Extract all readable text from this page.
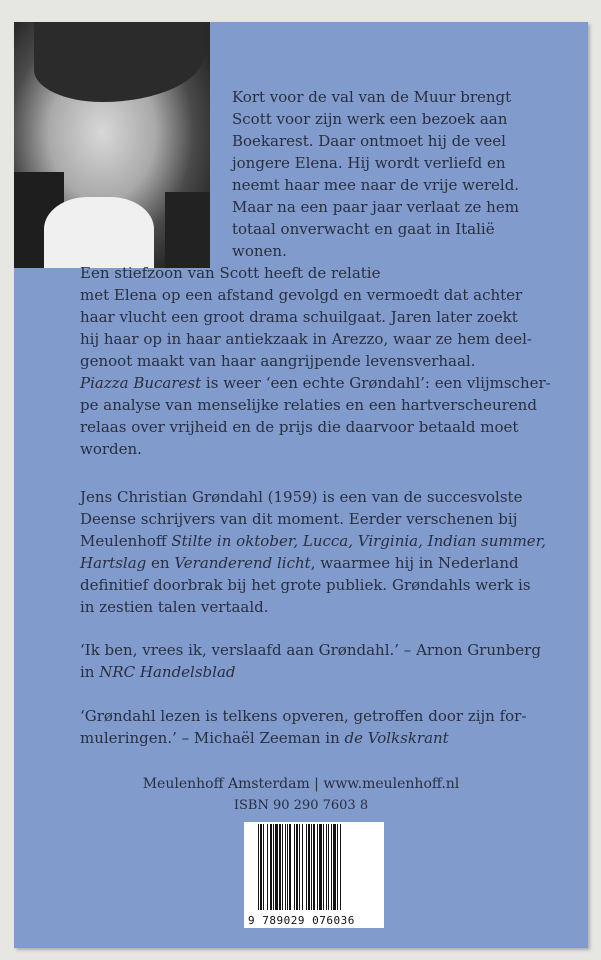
Kort voor de val van de Muur brengt
Scott voor zijn werk een bezoek aan
Boekarest. Daar ontmoet hij de veel
jongere Elena. Hij wordt verliefd en
neemt haar mee naar de vrije wereld.
Maar na een paar jaar verlaat ze hem
totaal onverwacht en gaat in Italië
wonen.
Een stiefzoon van Scott heeft de relatie
met Elena op een afstand gevolgd en vermoedt dat achter
haar vlucht een groot drama schuilgaat. Jaren later zoekt
hij haar op in haar antiekzaak in Arezzo, waar ze hem deel-
genoot maakt van haar aangrijpende levensverhaal.
Piazza Bucarest is weer ‘een echte Grøndahl’: een vlijmscher-
pe analyse van menselijke relaties en een hartverscheurend
relaas over vrijheid en de prijs die daarvoor betaald moet
worden.
Jens Christian Grøndahl (1959) is een van de succesvolste
Deense schrijvers van dit moment. Eerder verschenen bij
Meulenhoff Stilte in oktober, Lucca, Virginia, Indian summer,
Hartslag en Veranderend licht, waarmee hij in Nederland
definitief doorbrak bij het grote publiek. Grøndahls werk is
in zestien talen vertaald.
‘Ik ben, vrees ik, verslaafd aan Grøndahl.’ – Arnon Grunberg
in NRC Handelsblad
‘Grøndahl lezen is telkens opveren, getroffen door zijn for-
muleringen.’ – Michaël Zeeman in de Volkskrant
Meulenhoff Amsterdam | www.meulenhoff.nl
ISBN 90 290 7603 8
9 789029 076036
